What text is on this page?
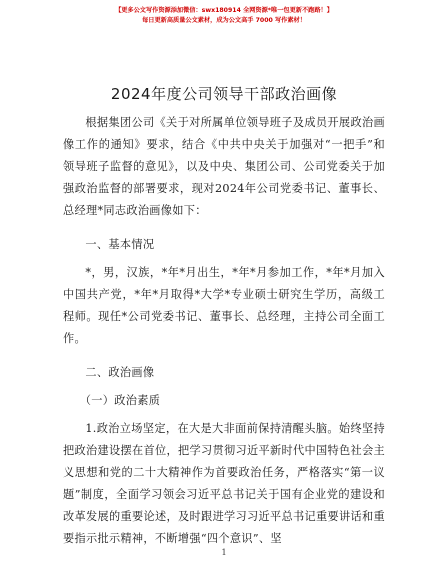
【更多公文写作资源添加微信：swx180914 全网资源*唯一包更新不跑路！】
每日更新高质量公文素材，成为公文高手 7000 写作素材！
2024年度公司领导干部政治画像

根据集团公司《关于对所属单位领导班子及成员开展政治画像工作的通知》要求，结合《中共中央关于加强对“一把手”和领导班子监督的意见》，以及中央、集团公司、公司党委关于加强政治监督的部署要求，现对2024年公司党委书记、董事长、总经理*同志政治画像如下：

一、基本情况

*，男，汉族，*年*月出生，*年*月参加工作，*年*月加入中国共产党，*年*月取得*大学*专业硕士研究生学历，高级工程师。现任*公司党委书记、董事长、总经理，主持公司全面工作。

二、政治画像

（一）政治素质

1.政治立场坚定，在大是大非面前保持清醒头脑。始终坚持把政治建设摆在首位，把学习贯彻习近平新时代中国特色社会主义思想和党的二十大精神作为首要政治任务，严格落实“第一议题”制度，全面学习领会习近平总书记关于国有企业党的建设和改革发展的重要论述，及时跟进学习习近平总书记重要讲话和重要指示批示精神，不断增强“四个意识”、坚

1
